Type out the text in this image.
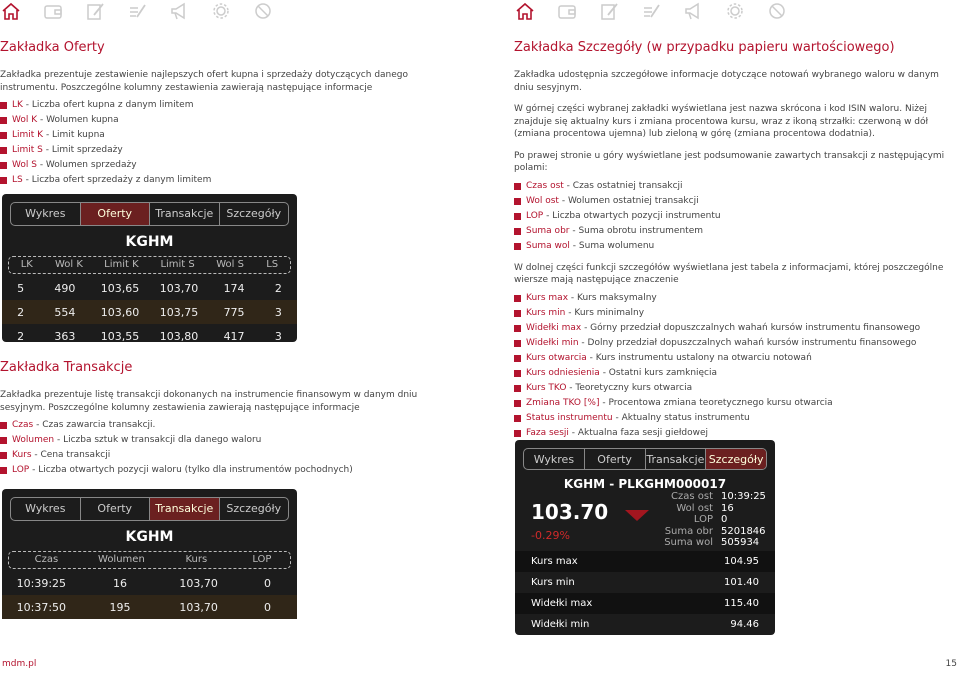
Zakładka Oferty

Zakładka prezentuje zestawienie najlepszych ofert kupna i sprzedaży dotyczących danego instrumentu. Poszczególne kolumny zestawienia zawierają następujące informacje

LK - Liczba ofert kupna z danym limitem
Wol K - Wolumen kupna
Limit K - Limit kupna
Limit S - Limit sprzedaży
Wol S - Wolumen sprzedaży
LS - Liczba ofert sprzedaży z danym limitem
Wykres	Oferty	Transakcje	Szczegóły
KGHM
LK	Wol K	Limit K	Limit S	Wol S	LS
5	490	103,65	103,70	174	2
2	554	103,60	103,75	775	3
2	363	103,55	103,80	417	3
Zakładka Transakcje

Zakładka prezentuje listę transakcji dokonanych na instrumencie finansowym w danym dniu sesyjnym. Poszczególne kolumny zestawienia zawierają następujące informacje

Czas - Czas zawarcia transakcji.
Wolumen - Liczba sztuk w transakcji dla danego waloru
Kurs - Cena transakcji
LOP - Liczba otwartych pozycji waloru (tylko dla instrumentów pochodnych)
Wykres	Oferty	Transakcje	Szczegóły
KGHM
Czas	Wolumen	Kurs	LOP
10:39:25	16	103,70	0
10:37:50	195	103,70	0
mdm.pl
Zakładka Szczegóły (w przypadku papieru wartościowego)

Zakładka udostępnia szczegółowe informacje dotyczące notowań wybranego waloru w danym dniu sesyjnym.

W górnej części wybranej zakładki wyświetlana jest nazwa skrócona i kod ISIN waloru. Niżej znajduje się aktualny kurs i zmiana procentowa kursu, wraz z ikoną strzałki: czerwoną w dół (zmiana procentowa ujemna) lub zieloną w górę (zmiana procentowa dodatnia).

Po prawej stronie u góry wyświetlane jest podsumowanie zawartych transakcji z następującymi polami:

Czas ost - Czas ostatniej transakcji
Wol ost - Wolumen ostatniej transakcji
LOP - Liczba otwartych pozycji instrumentu
Suma obr - Suma obrotu instrumentem
Suma wol - Suma wolumenu

W dolnej części funkcji szczegółów wyświetlana jest tabela z informacjami, której poszczególne wiersze mają następujące znaczenie

Kurs max - Kurs maksymalny
Kurs min - Kurs minimalny
Widełki max - Górny przedział dopuszczalnych wahań kursów instrumentu finansowego
Widełki min - Dolny przedział dopuszczalnych wahań kursów instrumentu finansowego
Kurs otwarcia - Kurs instrumentu ustalony na otwarciu notowań
Kurs odniesienia - Ostatni kurs zamknięcia
Kurs TKO - Teoretyczny kurs otwarcia
Zmiana TKO [%] - Procentowa zmiana teoretycznego kursu otwarcia
Status instrumentu - Aktualny status instrumentu
Faza sesji - Aktualna faza sesji giełdowej
Wykres	Oferty	Transakcje Szczegóły
KGHM - PLKGHM000017
103.70
-0.29%
Czas ost 10:39:25
Wol ost 16
LOP 0
Suma obr 5201846
Suma wol 505934
Kurs max	104.95
Kurs min	101.40
Widełki max	115.40
Widełki min	94.46
15
